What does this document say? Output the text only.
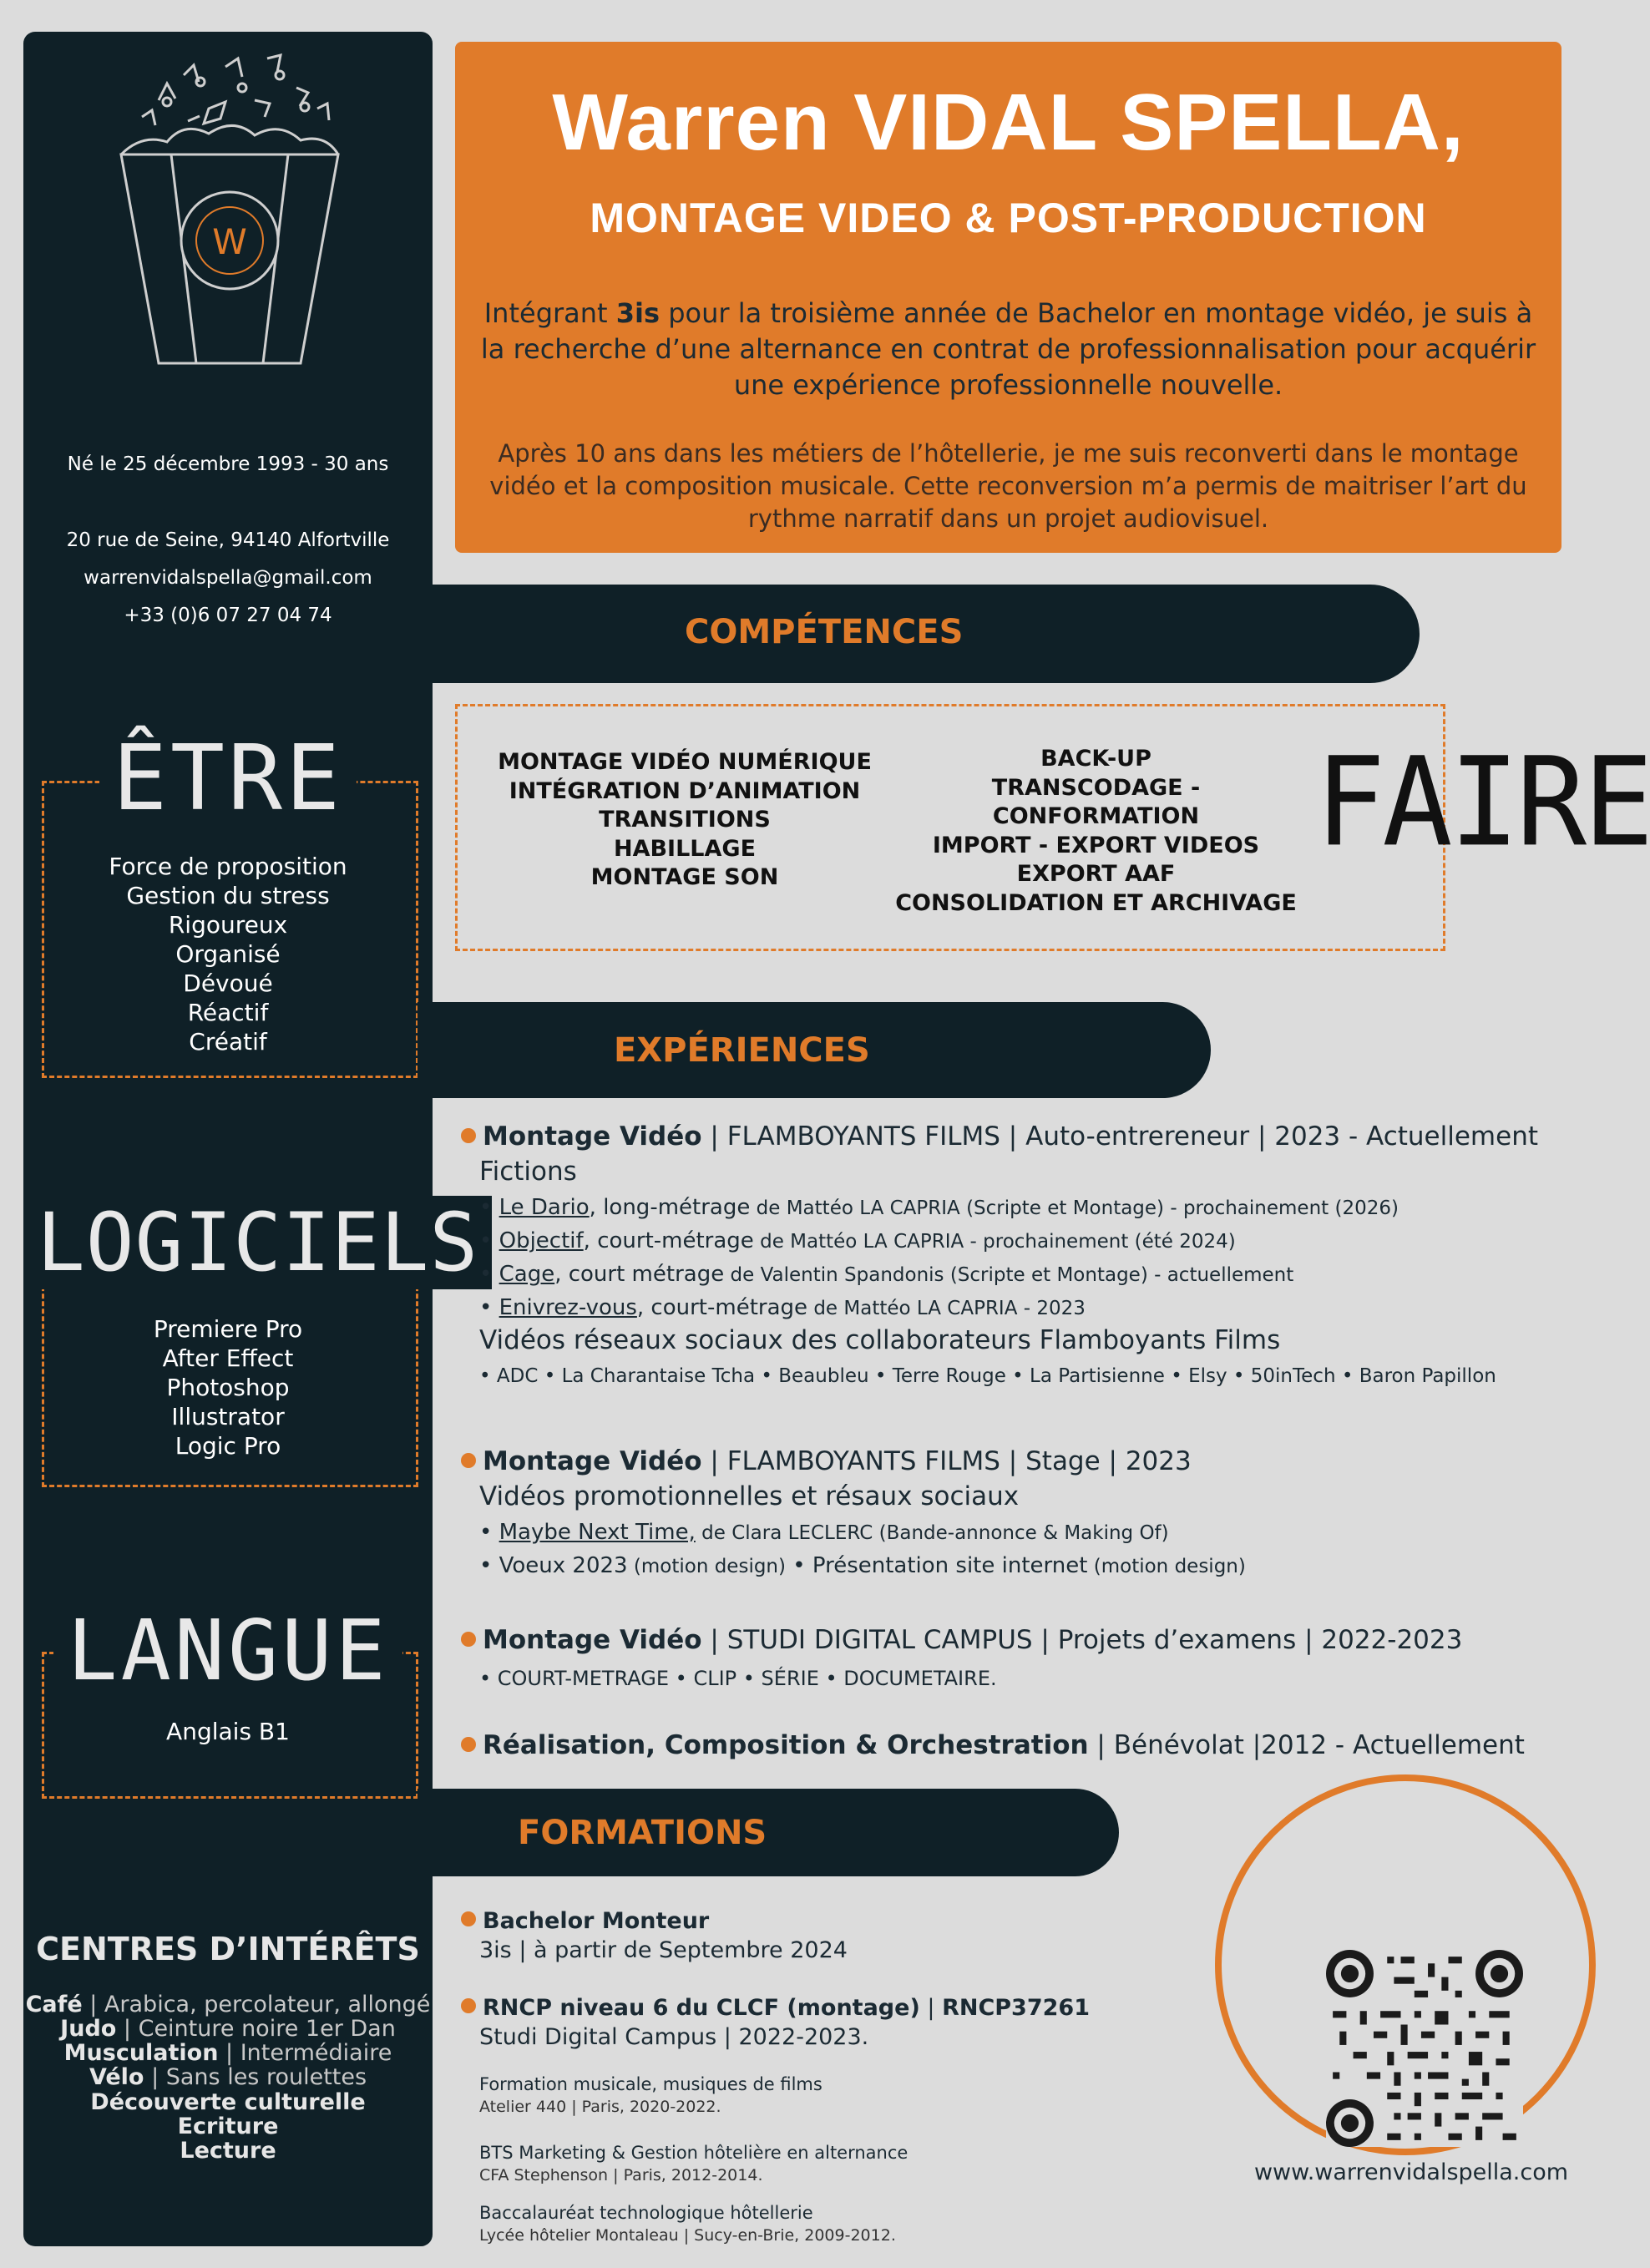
W
Né le 25 décembre 1993 - 30 ans
20 rue de Seine, 94140 Alfortville
warrenvidalspella@gmail.com
+33 (0)6 07 27 04 74
ÊTRE
Force de proposition
Gestion du stress
Rigoureux
Organisé
Dévoué
Réactif
Créatif
LOGICIELS
Premiere Pro
After Effect
Photoshop
Illustrator
Logic Pro
LANGUE
Anglais B1
CENTRES D’INTÉRÊTS
Café | Arabica, percolateur, allongé
Judo | Ceinture noire 1er Dan
Musculation | Intermédiaire
Vélo | Sans les roulettes
Découverte culturelle
Ecriture
Lecture
Warren VIDAL SPELLA,
MONTAGE VIDEO & POST-PRODUCTION
Intégrant 3is pour la troisième année de Bachelor en montage vidéo, je suis à la recherche d’une alternance en contrat de professionnalisation pour acquérir une expérience professionnelle nouvelle.
Après 10 ans dans les métiers de l’hôtellerie, je me suis reconverti dans le montage vidéo et la composition musicale. Cette reconversion m’a permis de maitriser l’art du rythme narratif dans un projet audiovisuel.
COMPÉTENCES
MONTAGE VIDÉO NUMÉRIQUE
INTÉGRATION D’ANIMATION
TRANSITIONS
HABILLAGE
MONTAGE SON
BACK-UP
TRANSCODAGE - CONFORMATION
IMPORT - EXPORT VIDEOS
EXPORT AAF
CONSOLIDATION ET ARCHIVAGE
FAIRE
EXPÉRIENCES
Montage Vidéo | FLAMBOYANTS FILMS | Auto-entrereneur | 2023 - Actuellement
Fictions
• Le Dario, long-métrage de Mattéo LA CAPRIA (Scripte et Montage) - prochainement (2026)
• Objectif, court-métrage de Mattéo LA CAPRIA - prochainement (été 2024)
• Cage, court métrage de Valentin Spandonis (Scripte et Montage) - actuellement
• Enivrez-vous, court-métrage de Mattéo LA CAPRIA - 2023
Vidéos réseaux sociaux des collaborateurs Flamboyants Films
• ADC • La Charantaise Tcha • Beaubleu • Terre Rouge • La Partisienne • Elsy • 50inTech • Baron Papillon
Montage Vidéo | FLAMBOYANTS FILMS | Stage | 2023
Vidéos promotionnelles et résaux sociaux
• Maybe Next Time, de Clara LECLERC (Bande-annonce & Making Of)
• Voeux 2023 (motion design) • Présentation site internet (motion design)
Montage Vidéo | STUDI DIGITAL CAMPUS | Projets d’examens | 2022-2023
• COURT-METRAGE • CLIP • SÉRIE • DOCUMETAIRE.
Réalisation, Composition & Orchestration | Bénévolat |2012 - Actuellement
FORMATIONS
Bachelor Monteur
3is | à partir de Septembre 2024
RNCP niveau 6 du CLCF (montage) | RNCP37261
Studi Digital Campus | 2022-2023.
Formation musicale, musiques de films
Atelier 440 | Paris, 2020-2022.
BTS Marketing & Gestion hôtelière en alternance
CFA Stephenson | Paris, 2012-2014.
Baccalauréat technologique hôtellerie
Lycée hôtelier Montaleau | Sucy-en-Brie, 2009-2012.
www.warrenvidalspella.com
